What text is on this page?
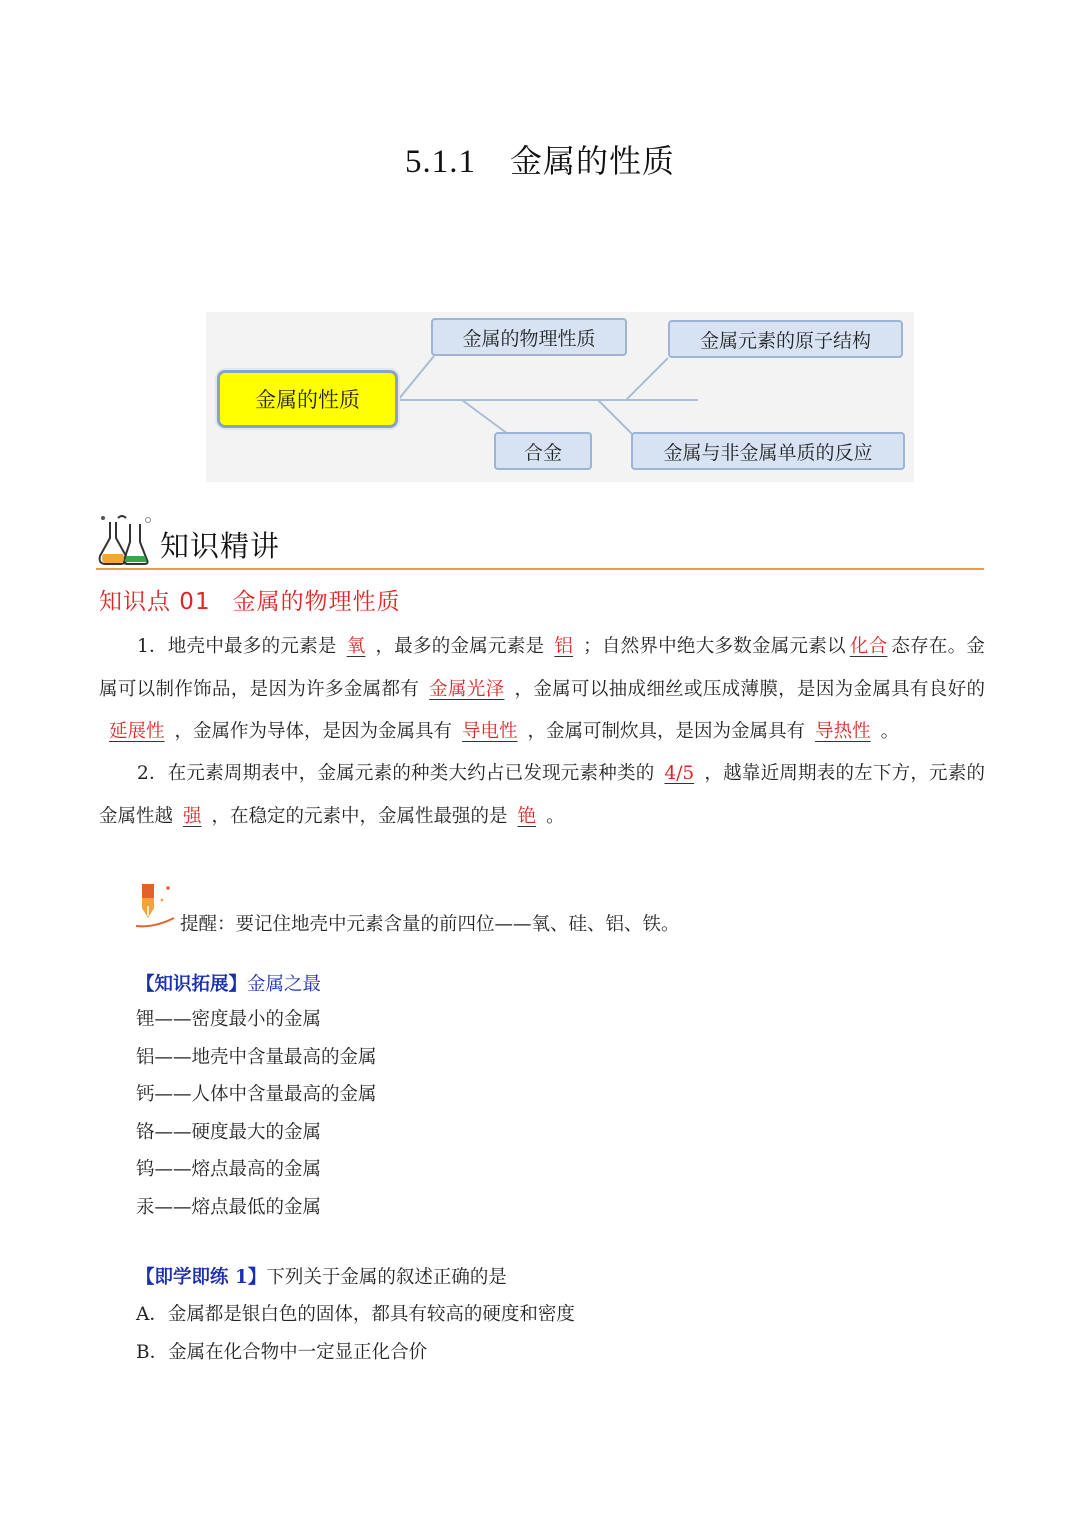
5.1.1 金属的性质
金属的性质
金属的物理性质	金属元素的原子结构
合金	金属与非金属单质的反应
知识精讲
知识点 01 金属的物理性质
1．地壳中最多的元素是 氧 ，最多的金属元素是 铝 ；自然界中绝大多数金属元素以 化合 态存在。金属可以制作饰品，是因为许多金属都有 金属光泽 ，金属可以抽成细丝或压成薄膜，是因为金属具有良好的延展性 ，金属作为导体，是因为金属具有 导电性 ，金属可制炊具，是因为金属具有 导热性 。
2．在元素周期表中，金属元素的种类大约占已发现元素种类的 4/5 ，越靠近周期表的左下方，元素的金属性越 强 ，在稳定的元素中，金属性最强的是 铯 。
提醒：要记住地壳中元素含量的前四位——氧、硅、铝、铁。
【知识拓展】金属之最
锂——密度最小的金属
铝——地壳中含量最高的金属
钙——人体中含量最高的金属
铬——硬度最大的金属
钨——熔点最高的金属
汞——熔点最低的金属
【即学即练 1】下列关于金属的叙述正确的是
A．金属都是银白色的固体，都具有较高的硬度和密度
B．金属在化合物中一定显正化合价
